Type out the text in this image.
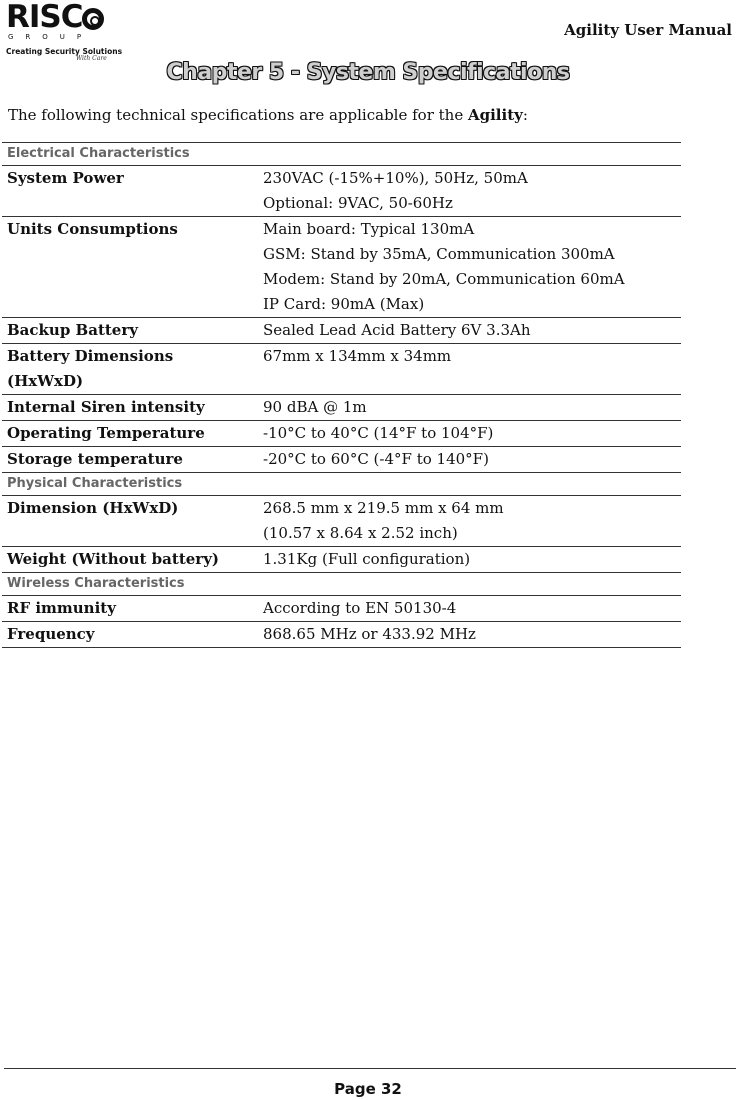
RISC
GROUP
Creating Security Solutions
With Care
Agility User Manual
Chapter 5 - System Specifications
The following technical specifications are applicable for the Agility:
Electrical Characteristics	
System Power	230VAC (-15%+10%), 50Hz, 50mA
Optional: 9VAC, 50-60Hz

Units Consumptions	Main board: Typical 130mA
GSM: Stand by 35mA, Communication 300mA
Modem: Stand by 20mA, Communication 60mA
IP Card: 90mA (Max)

Backup Battery	Sealed Lead Acid Battery 6V 3.3Ah

Battery Dimensions (HxWxD)	67mm x 134mm x 34mm

Internal Siren intensity	90 dBA @ 1m

Operating Temperature	-10°C to 40°C (14°F to 104°F)

Storage temperature	-20°C to 60°C (-4°F to 140°F)

Physical Characteristics	
Dimension (HxWxD)	268.5 mm x 219.5 mm x 64 mm
(10.57 x 8.64 x 2.52 inch)

Weight (Without battery)	1.31Kg (Full configuration)

Wireless Characteristics	
RF immunity	According to EN 50130-4

Frequency	868.65 MHz or 433.92 MHz
Page 32
